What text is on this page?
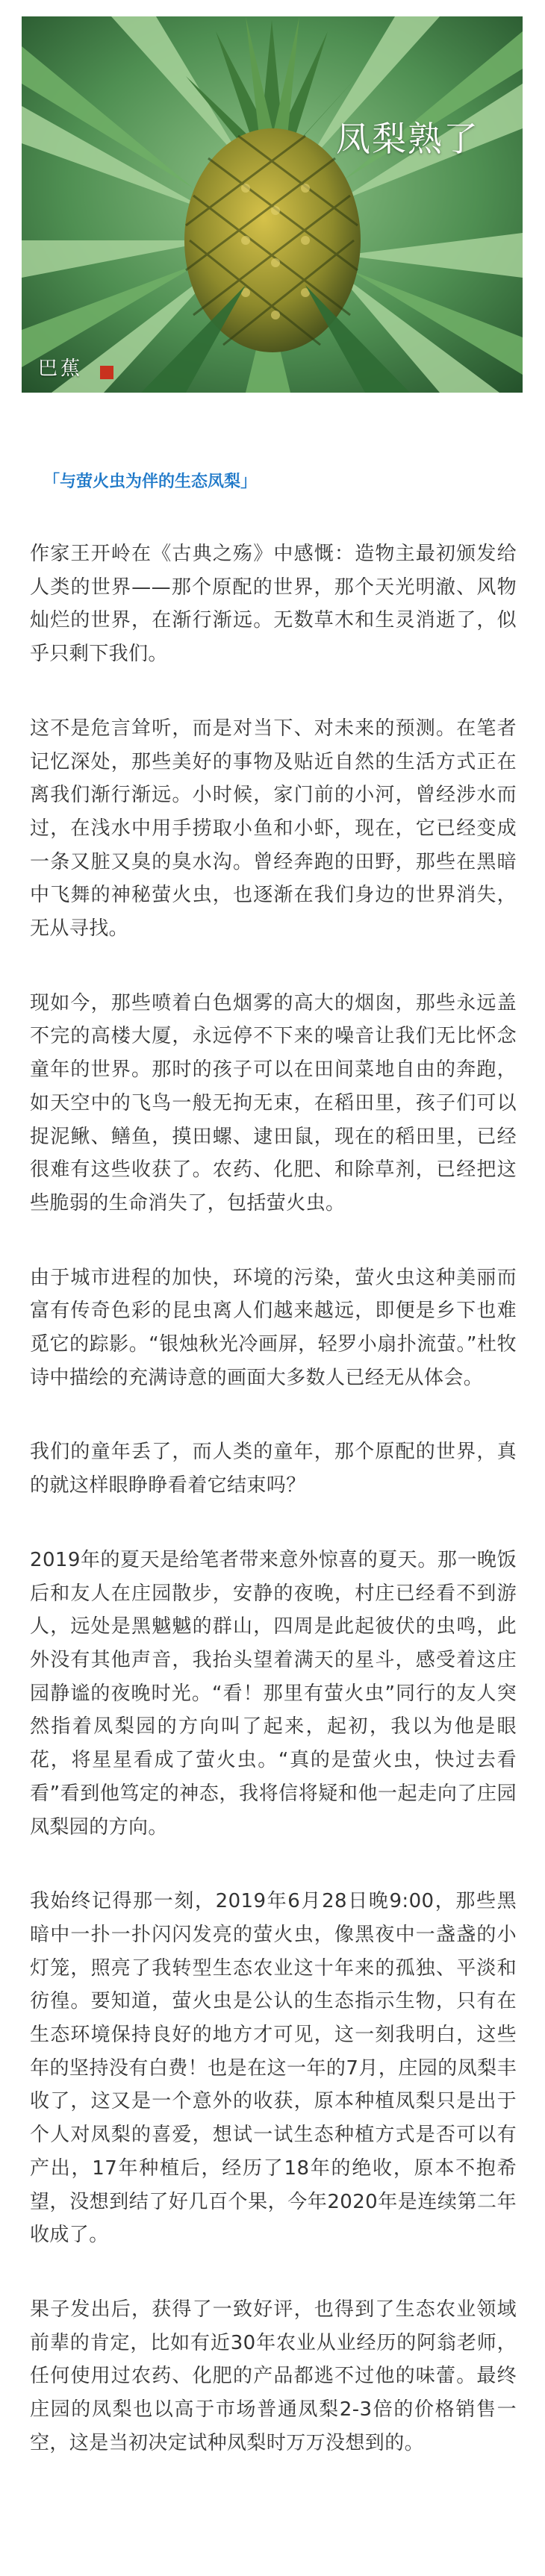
凤梨熟了
巴蕉
「与萤火虫为伴的生态凤梨」

作家王开岭在《古典之殇》中感慨：造物主最初颁发给人类的世界——那个原配的世界，那个天光明澈、风物灿烂的世界，在渐行渐远。无数草木和生灵消逝了，似乎只剩下我们。

这不是危言耸听，而是对当下、对未来的预测。在笔者记忆深处，那些美好的事物及贴近自然的生活方式正在离我们渐行渐远。小时候，家门前的小河，曾经涉水而过，在浅水中用手捞取小鱼和小虾，现在，它已经变成一条又脏又臭的臭水沟。曾经奔跑的田野，那些在黑暗中飞舞的神秘萤火虫，也逐渐在我们身边的世界消失，无从寻找。

现如今，那些喷着白色烟雾的高大的烟囱，那些永远盖不完的高楼大厦，永远停不下来的噪音让我们无比怀念童年的世界。那时的孩子可以在田间菜地自由的奔跑，如天空中的飞鸟一般无拘无束，在稻田里，孩子们可以捉泥鳅、鳝鱼，摸田螺、逮田鼠，现在的稻田里，已经很难有这些收获了。农药、化肥、和除草剂，已经把这些脆弱的生命消失了，包括萤火虫。

由于城市进程的加快，环境的污染，萤火虫这种美丽而富有传奇色彩的昆虫离人们越来越远，即便是乡下也难觅它的踪影。“银烛秋光冷画屏，轻罗小扇扑流萤。”杜牧诗中描绘的充满诗意的画面大多数人已经无从体会。

我们的童年丢了，而人类的童年，那个原配的世界，真的就这样眼睁睁看着它结束吗？

2019年的夏天是给笔者带来意外惊喜的夏天。那一晚饭后和友人在庄园散步，安静的夜晚，村庄已经看不到游人，远处是黑魆魆的群山，四周是此起彼伏的虫鸣，此外没有其他声音，我抬头望着满天的星斗，感受着这庄园静谧的夜晚时光。“看！那里有萤火虫”同行的友人突然指着凤梨园的方向叫了起来，起初，我以为他是眼花，将星星看成了萤火虫。“真的是萤火虫，快过去看看”看到他笃定的神态，我将信将疑和他一起走向了庄园凤梨园的方向。

我始终记得那一刻，2019年6月28日晚9:00，那些黑暗中一扑一扑闪闪发亮的萤火虫，像黑夜中一盏盏的小灯笼，照亮了我转型生态农业这十年来的孤独、平淡和彷徨。要知道，萤火虫是公认的生态指示生物，只有在生态环境保持良好的地方才可见，这一刻我明白，这些年的坚持没有白费！也是在这一年的7月，庄园的凤梨丰收了，这又是一个意外的收获，原本种植凤梨只是出于个人对凤梨的喜爱，想试一试生态种植方式是否可以有产出，17年种植后，经历了18年的绝收，原本不抱希望，没想到结了好几百个果，今年2020年是连续第二年收成了。

果子发出后，获得了一致好评，也得到了生态农业领域前辈的肯定，比如有近30年农业从业经历的阿翁老师，任何使用过农药、化肥的产品都逃不过他的味蕾。最终庄园的凤梨也以高于市场普通凤梨2-3倍的价格销售一空，这是当初决定试种凤梨时万万没想到的。
